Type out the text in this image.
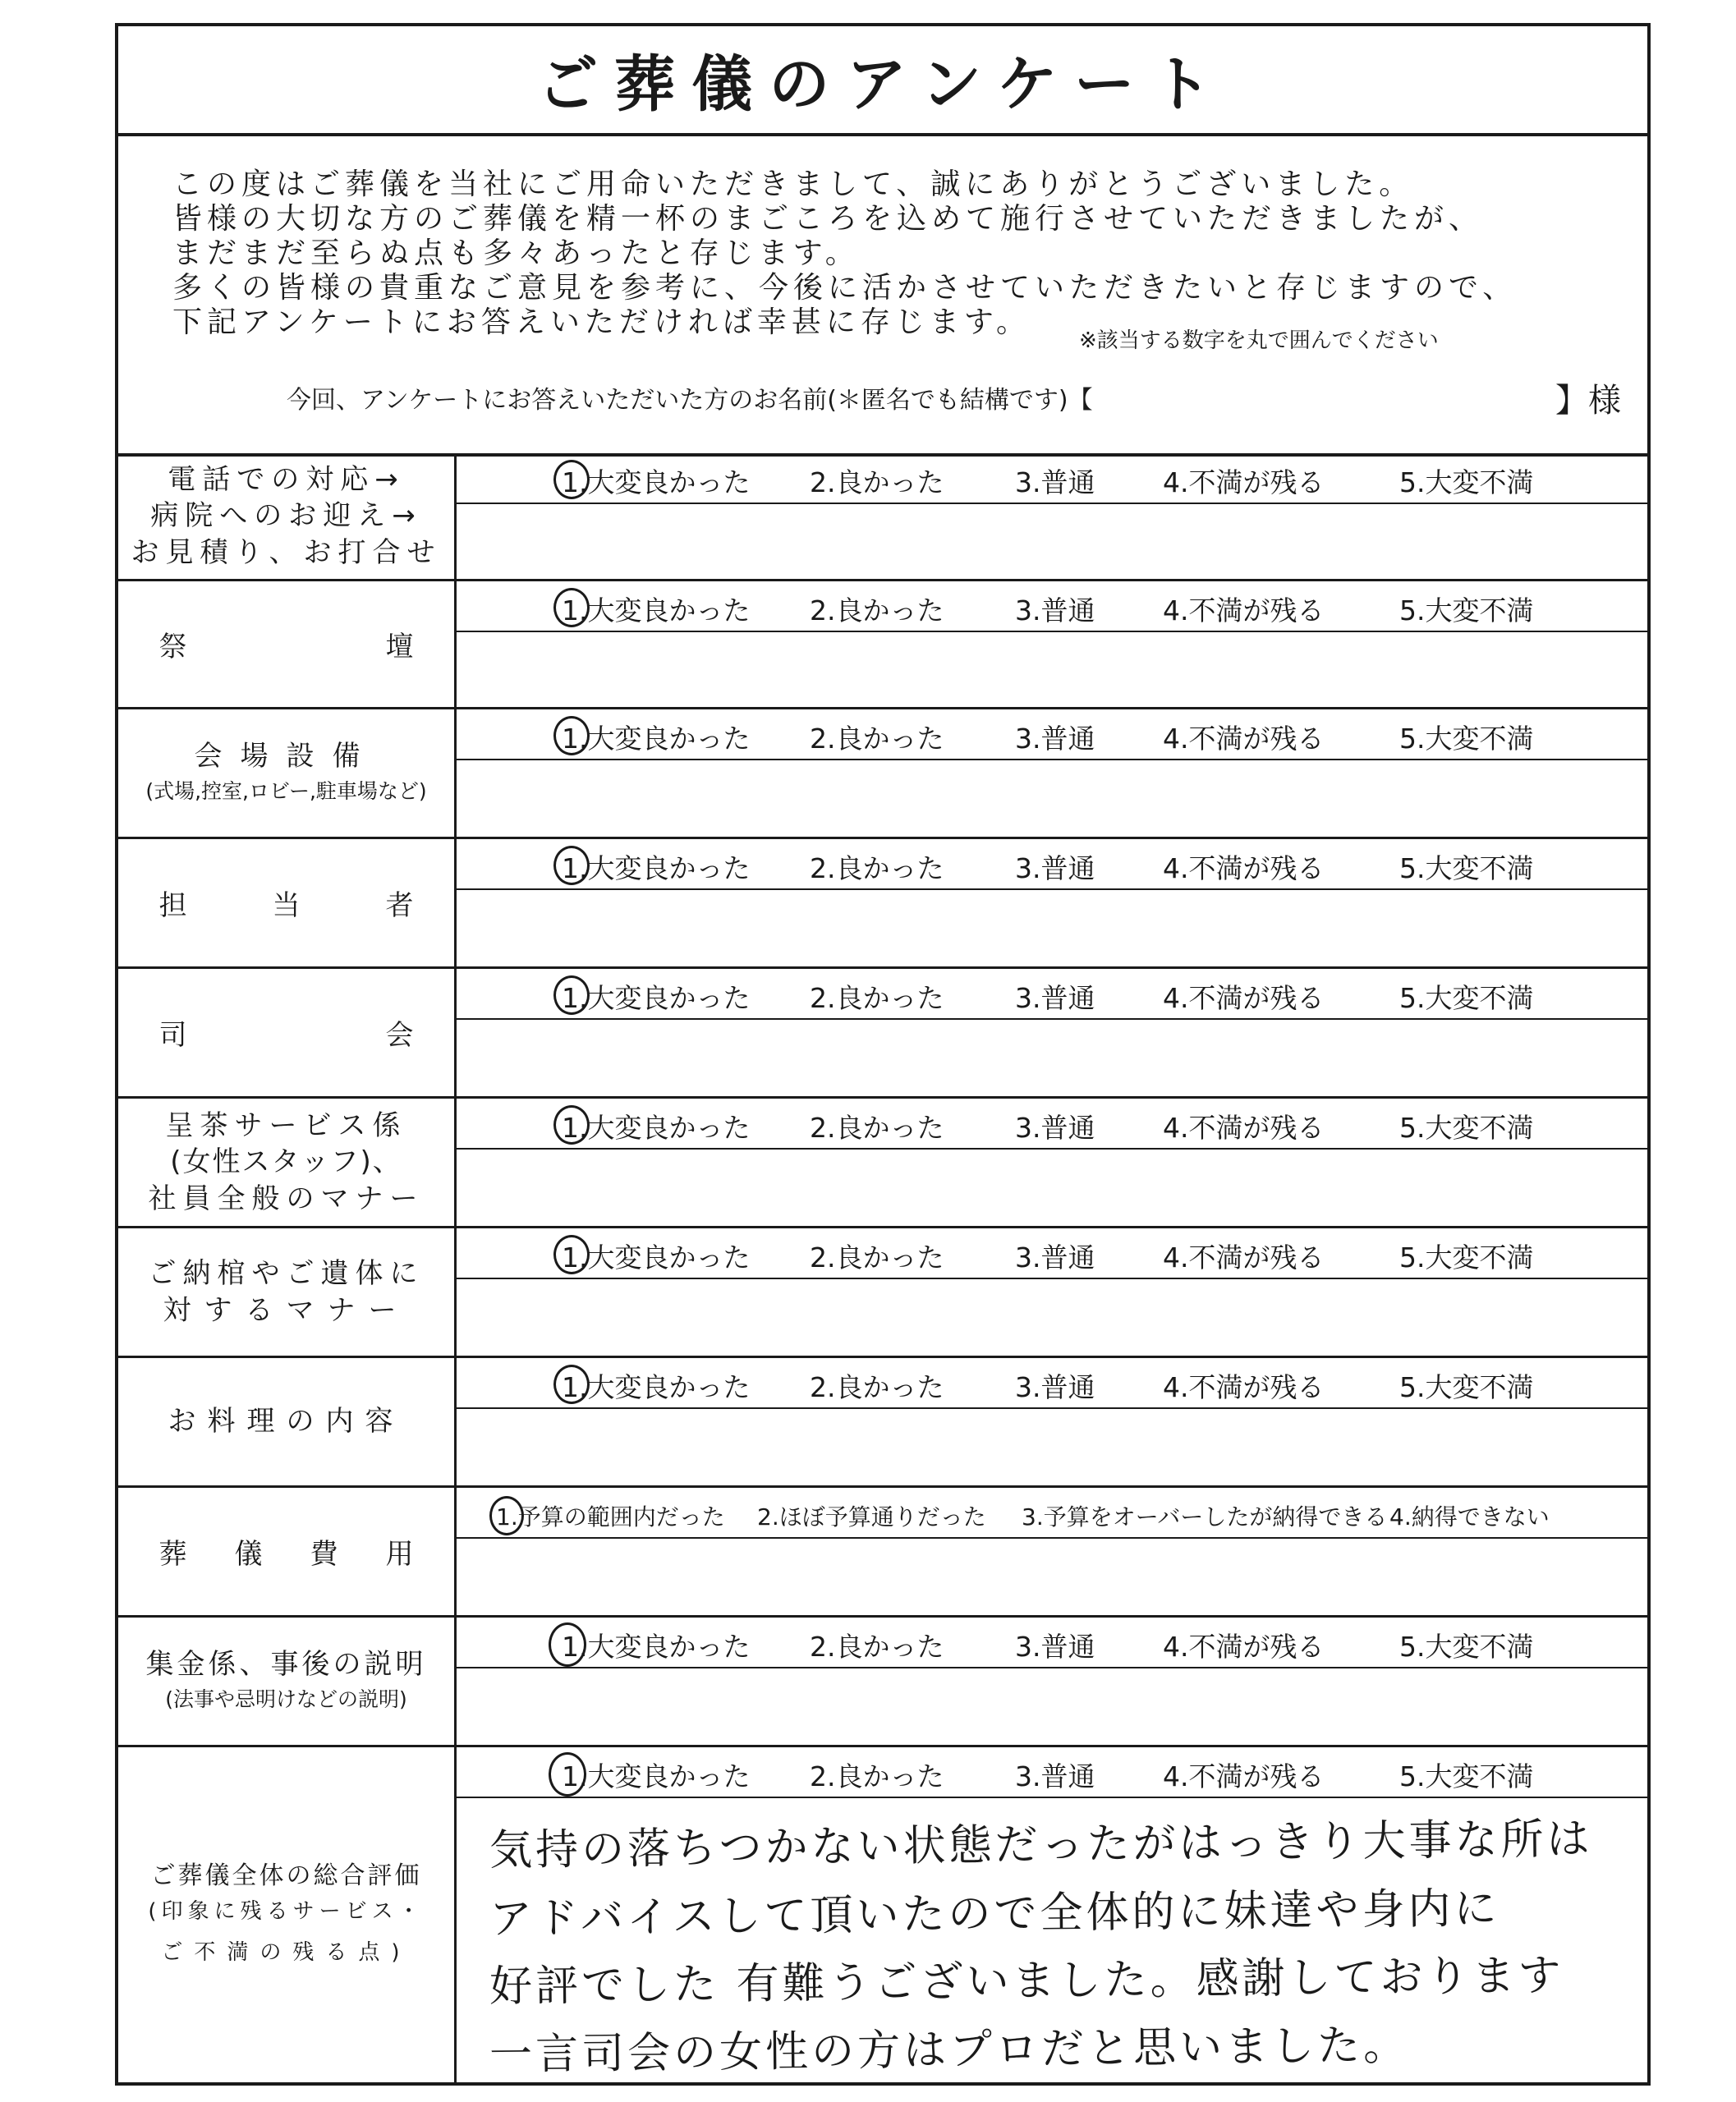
ご葬儀のアンケート
この度はご葬儀を当社にご用命いただきまして、誠にありがとうございました。
皆様の大切な方のご葬儀を精一杯のまごころを込めて施行させていただきましたが、
まだまだ至らぬ点も多々あったと存じます。
多くの皆様の貴重なご意見を参考に、今後に活かさせていただきたいと存じますので、
下記アンケートにお答えいただければ幸甚に存じます。
※該当する数字を丸で囲んでください
今回、アンケートにお答えいただいた方のお名前(＊匿名でも結構です)【	】様
電話での対応→
病院へのお迎え→
お見積り、お打合せ
1.大変良かった 2.良かった	3.普通	4.不満が残る	5.大変不満
祭	壇
1.大変良かった 2.良かった	3.普通	4.不満が残る	5.大変不満
会場設備
(式場,控室,ロビー,駐車場など)
1.大変良かった 2.良かった	3.普通	4.不満が残る	5.大変不満
担	当	者
1.大変良かった 2.良かった	3.普通	4.不満が残る	5.大変不満
司	会
1.大変良かった 2.良かった	3.普通	4.不満が残る	5.大変不満
呈茶サービス係
(女性スタッフ)、
社員全般のマナー
1.大変良かった 2.良かった	3.普通	4.不満が残る	5.大変不満
ご納棺やご遺体に
対するマナー
1.大変良かった 2.良かった	3.普通	4.不満が残る	5.大変不満
お料理の内容
1.大変良かった 2.良かった	3.普通	4.不満が残る	5.大変不満
葬 儀 費 用
1.予算の範囲内だった 2.ほぼ予算通りだった 3.予算をオーバーしたが納得できる 4.納得できない
集金係、事後の説明
(法事や忌明けなどの説明)
1.大変良かった 2.良かった	3.普通	4.不満が残る	5.大変不満
ご葬儀全体の総合評価
(印象に残るサービス・
ご不満の残る点)
1.大変良かった 2.良かった	3.普通	4.不満が残る	5.大変不満
気持の落ちつかない状態だったがはっきり大事な所は
アドバイスして頂いたので全体的に妹達や身内に
好評でした 有難うございました。感謝しております
一言司会の女性の方はプロだと思いました。
